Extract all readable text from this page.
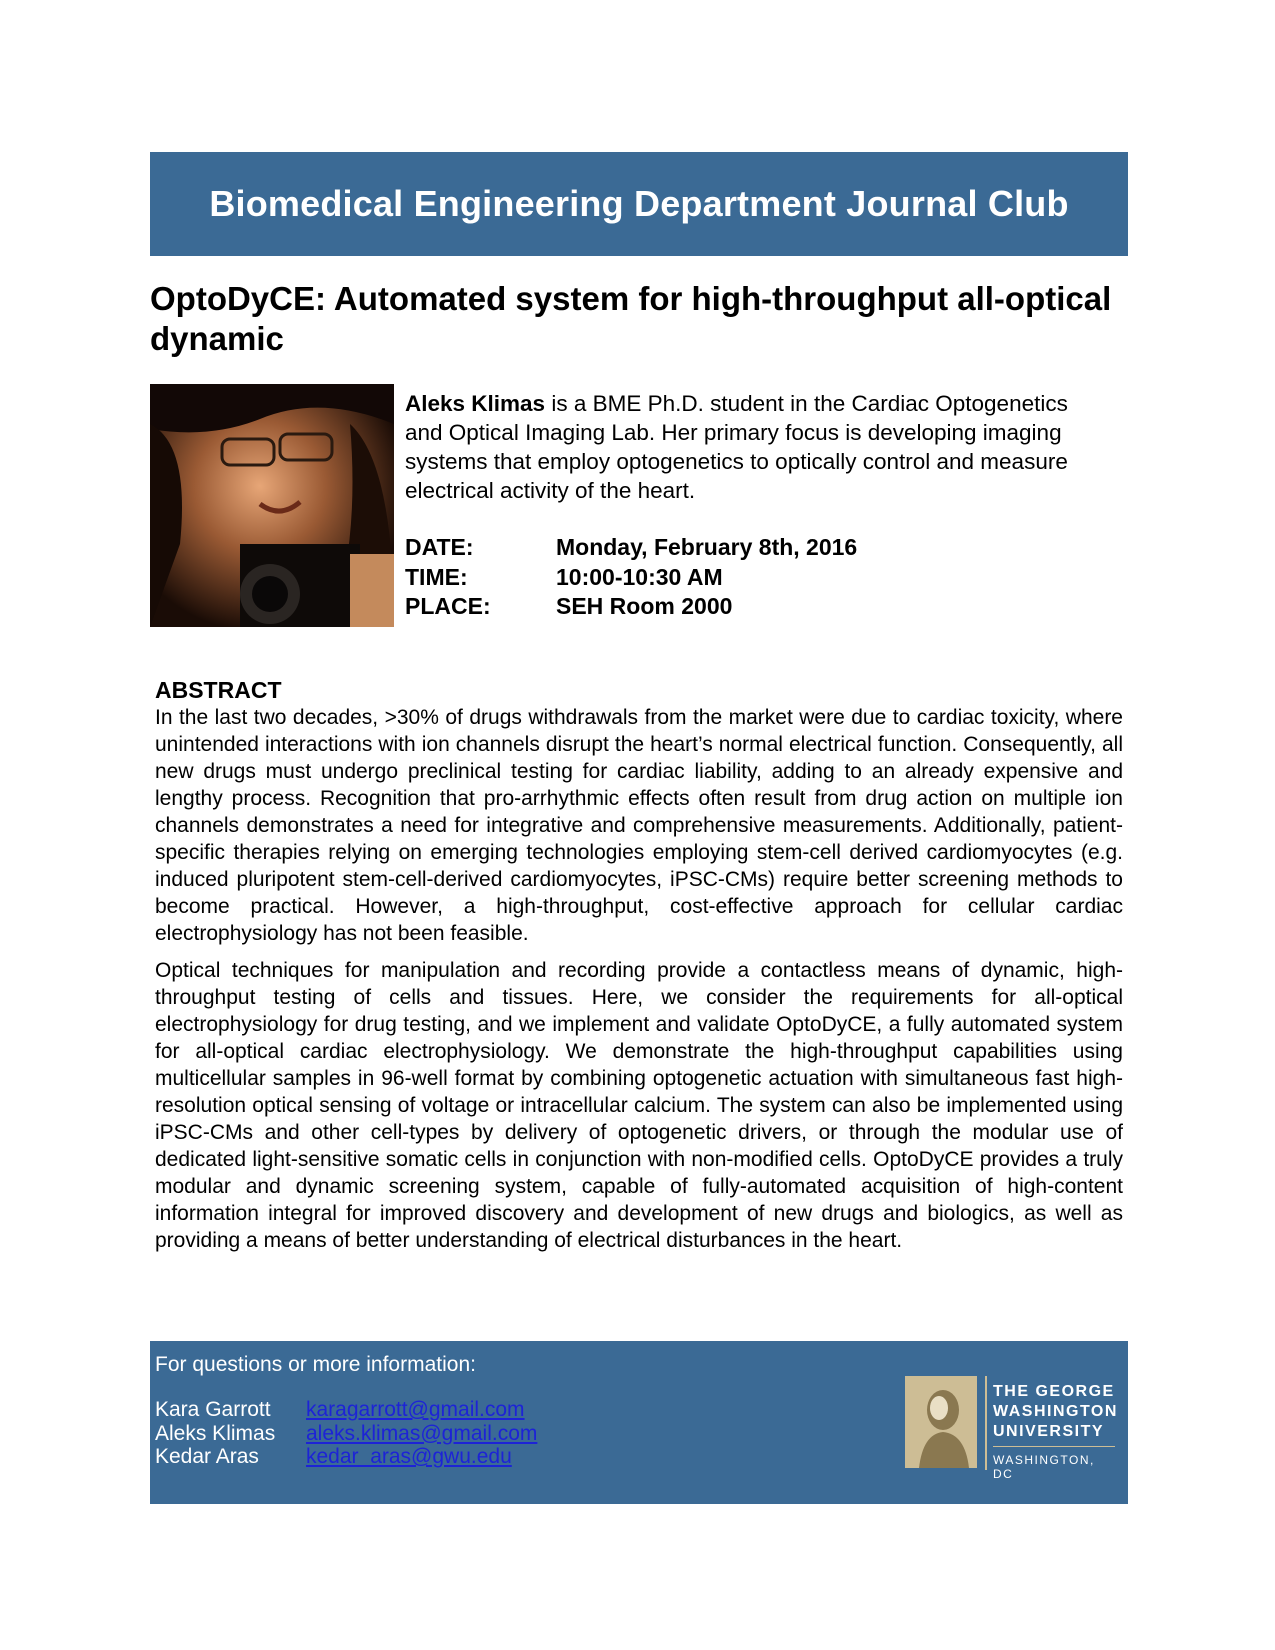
Biomedical Engineering Department Journal Club
OptoDyCE: Automated system for high-throughput all-optical dynamic

Aleks Klimas is a BME Ph.D. student in the Cardiac Optogenetics and Optical Imaging Lab. Her primary focus is developing imaging systems that employ optogenetics to optically control and measure electrical activity of the heart.

DATE:	Monday, February 8th, 2016
TIME:	10:00-10:30 AM
PLACE:	SEH Room 2000
ABSTRACT

In the last two decades, >30% of drugs withdrawals from the market were due to cardiac toxicity, where unintended interactions with ion channels disrupt the heart’s normal electrical function. Consequently, all new drugs must undergo preclinical testing for cardiac liability, adding to an already expensive and lengthy process. Recognition that pro-arrhythmic effects often result from drug action on multiple ion channels demonstrates a need for integrative and comprehensive measurements. Additionally, patient-specific therapies relying on emerging technologies employing stem-cell derived cardiomyocytes (e.g. induced pluripotent stem-cell-derived cardiomyocytes, iPSC-CMs) require better screening methods to become practical. However, a high-throughput, cost-effective approach for cellular cardiac electrophysiology has not been feasible.

Optical techniques for manipulation and recording provide a contactless means of dynamic, high-throughput testing of cells and tissues. Here, we consider the requirements for all-optical electrophysiology for drug testing, and we implement and validate OptoDyCE, a fully automated system for all-optical cardiac electrophysiology. We demonstrate the high-throughput capabilities using multicellular samples in 96-well format by combining optogenetic actuation with simultaneous fast high-resolution optical sensing of voltage or intracellular calcium. The system can also be implemented using iPSC-CMs and other cell-types by delivery of optogenetic drivers, or through the modular use of dedicated light-sensitive somatic cells in conjunction with non-modified cells. OptoDyCE provides a truly modular and dynamic screening system, capable of fully-automated acquisition of high-content information integral for improved discovery and development of new drugs and biologics, as well as providing a means of better understanding of electrical disturbances in the heart.

For questions or more information:
Kara Garrott	karagarrott@gmail.com
Aleks Klimas	aleks.klimas@gmail.com
Kedar Aras	kedar_aras@gwu.edu
THE GEORGE
WASHINGTON
UNIVERSITY
WASHINGTON, DC
